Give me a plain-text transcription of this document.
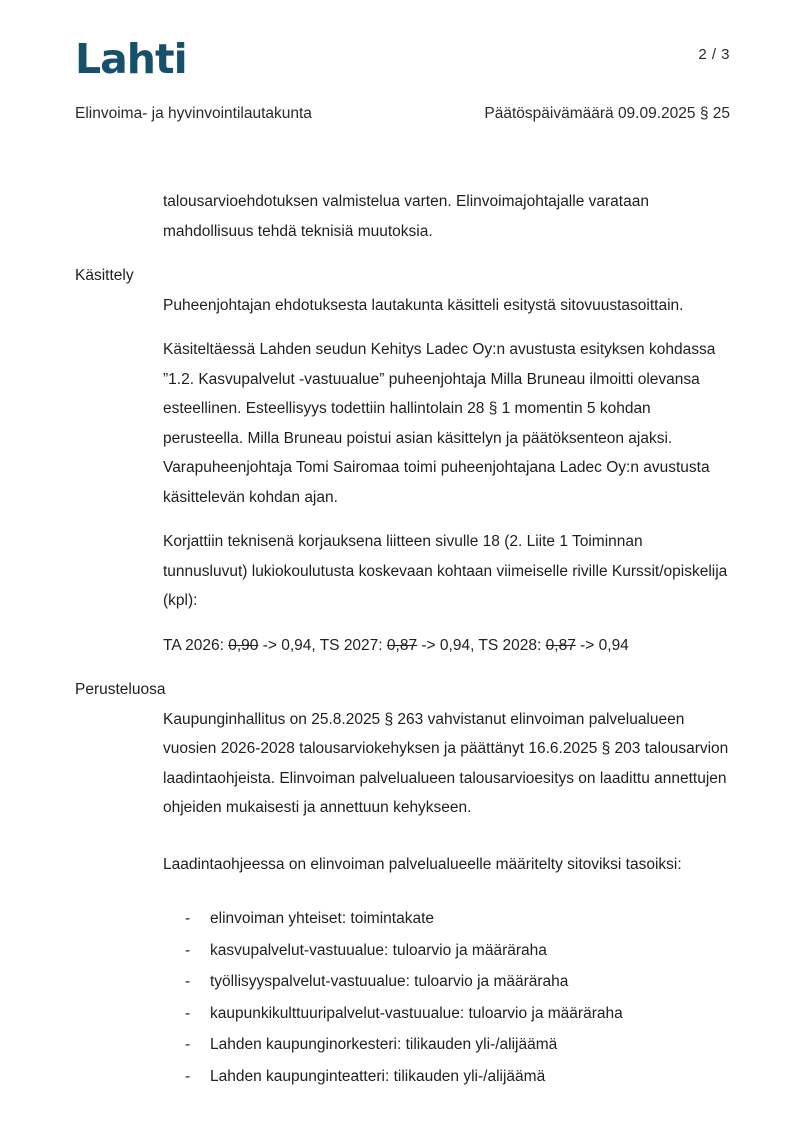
Lahti	2 / 3
Elinvoima- ja hyvinvointilautakunta	Päätöspäivämäärä 09.09.2025 § 25

talousarvioehdotuksen valmistelua varten. Elinvoimajohtajalle varataan mahdollisuus tehdä teknisiä muutoksia.

Käsittely

Puheenjohtajan ehdotuksesta lautakunta käsitteli esitystä sitovuustasoittain.

Käsiteltäessä Lahden seudun Kehitys Ladec Oy:n avustusta esityksen kohdassa ”1.2. Kasvupalvelut -vastuualue” puheenjohtaja Milla Bruneau ilmoitti olevansa esteellinen. Esteellisyys todettiin hallintolain 28 § 1 momentin 5 kohdan perusteella. Milla Bruneau poistui asian käsittelyn ja päätöksenteon ajaksi. Varapuheenjohtaja Tomi Sairomaa toimi puheenjohtajana Ladec Oy:n avustusta käsittelevän kohdan ajan.

Korjattiin teknisenä korjauksena liitteen sivulle 18 (2. Liite 1 Toiminnan tunnusluvut) lukiokoulutusta koskevaan kohtaan viimeiselle riville Kurssit/opiskelija (kpl):

TA 2026: 0,90 -> 0,94, TS 2027: 0,87 -> 0,94, TS 2028: 0,87 -> 0,94

Perusteluosa

Kaupunginhallitus on 25.8.2025 § 263 vahvistanut elinvoiman palvelualueen vuosien 2026-2028 talousarviokehyksen ja päättänyt 16.6.2025 § 203 talousarvion laadintaohjeista. Elinvoiman palvelualueen talousarvioesitys on laadittu annettujen ohjeiden mukaisesti ja annettuun kehykseen.

Laadintaohjeessa on elinvoiman palvelualueelle määritelty sitoviksi tasoiksi:

- elinvoiman yhteiset: toimintakate
- kasvupalvelut-vastuualue: tuloarvio ja määräraha
- työllisyyspalvelut-vastuualue: tuloarvio ja määräraha
- kaupunkikulttuuripalvelut-vastuualue: tuloarvio ja määräraha
- Lahden kaupunginorkesteri: tilikauden yli-/alijäämä
- Lahden kaupunginteatteri: tilikauden yli-/alijäämä
